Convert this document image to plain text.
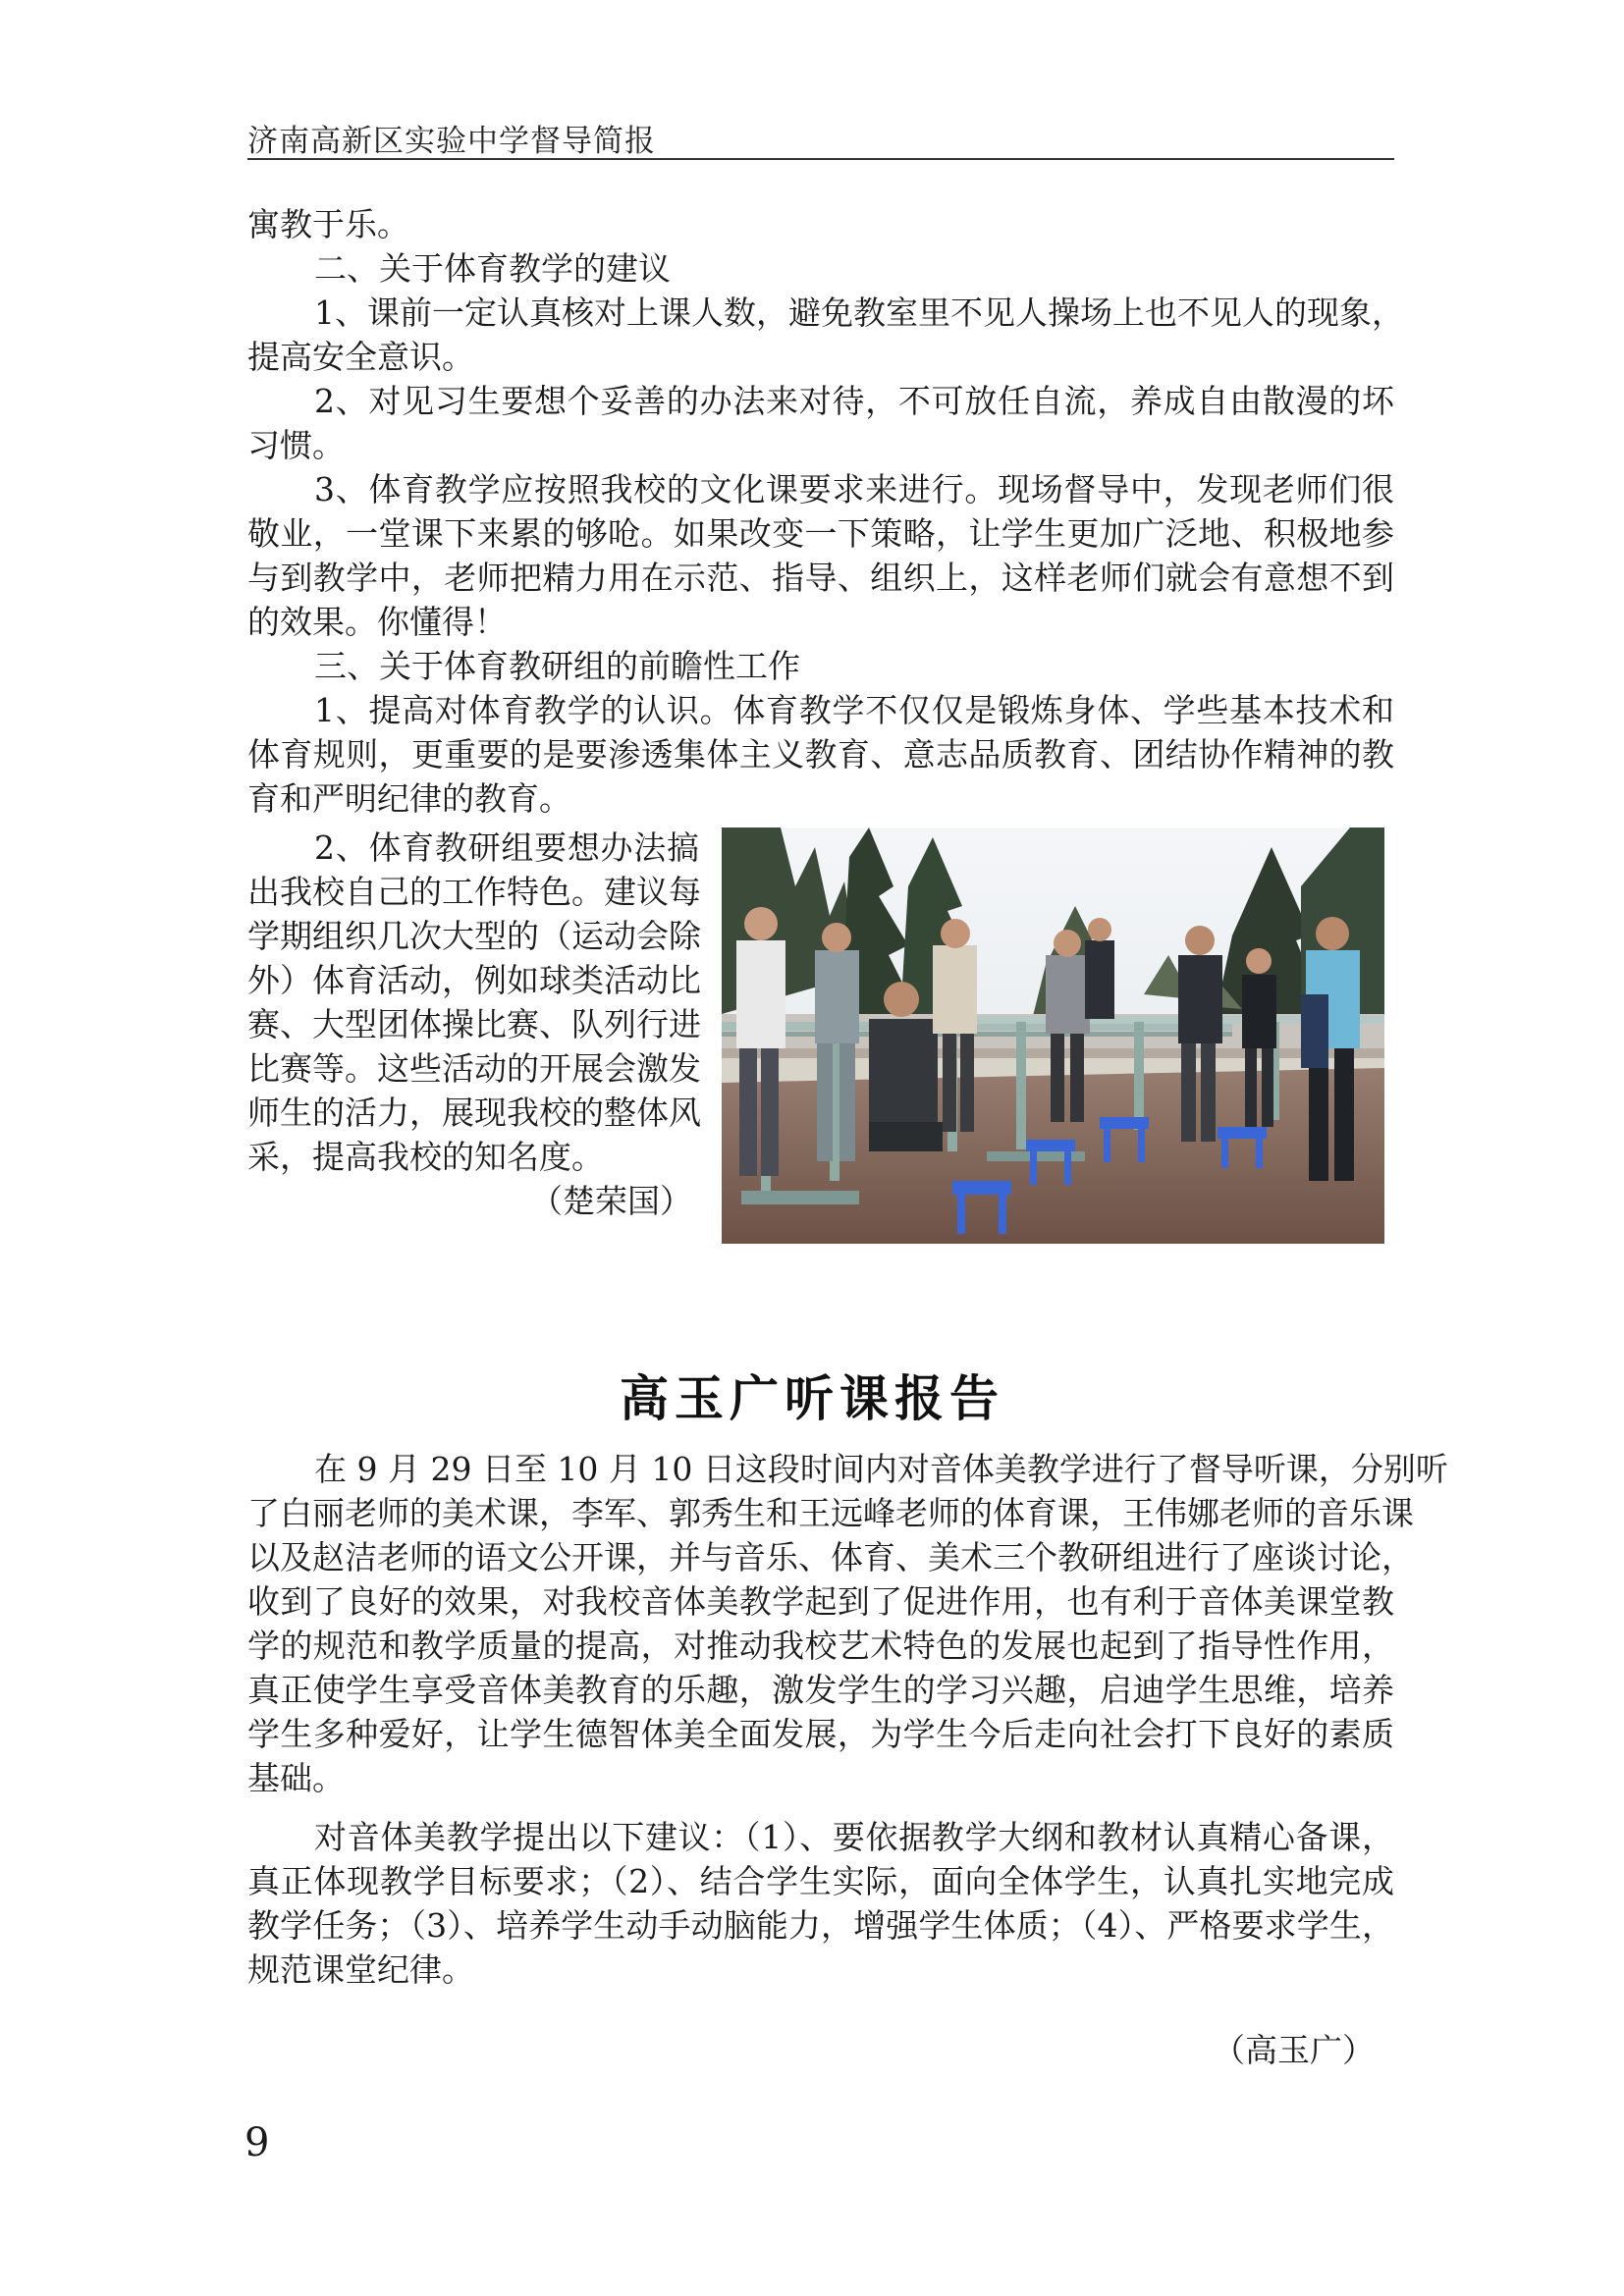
济南高新区实验中学督导简报
寓教于乐。
二、关于体育教学的建议
1、课前一定认真核对上课人数，避免教室里不见人操场上也不见人的现象，
提高安全意识。
2、对见习生要想个妥善的办法来对待，不可放任自流，养成自由散漫的坏
习惯。
3、体育教学应按照我校的文化课要求来进行。现场督导中，发现老师们很
敬业，一堂课下来累的够呛。如果改变一下策略，让学生更加广泛地、积极地参
与到教学中，老师把精力用在示范、指导、组织上，这样老师们就会有意想不到
的效果。你懂得！
三、关于体育教研组的前瞻性工作
1、提高对体育教学的认识。体育教学不仅仅是锻炼身体、学些基本技术和
体育规则，更重要的是要渗透集体主义教育、意志品质教育、团结协作精神的教
育和严明纪律的教育。
2、体育教研组要想办法搞
出我校自己的工作特色。建议每
学期组织几次大型的（运动会除
外）体育活动，例如球类活动比
赛、大型团体操比赛、队列行进
比赛等。这些活动的开展会激发
师生的活力，展现我校的整体风
采，提高我校的知名度。
（楚荣国）
高玉广听课报告
在 9 月 29 日至 10 月 10 日这段时间内对音体美教学进行了督导听课，分别听
了白丽老师的美术课，李军、郭秀生和王远峰老师的体育课，王伟娜老师的音乐课
以及赵洁老师的语文公开课，并与音乐、体育、美术三个教研组进行了座谈讨论，
收到了良好的效果，对我校音体美教学起到了促进作用，也有利于音体美课堂教
学的规范和教学质量的提高，对推动我校艺术特色的发展也起到了指导性作用，
真正使学生享受音体美教育的乐趣，激发学生的学习兴趣，启迪学生思维，培养
学生多种爱好，让学生德智体美全面发展，为学生今后走向社会打下良好的素质
基础。
对音体美教学提出以下建议：（1）、要依据教学大纲和教材认真精心备课，
真正体现教学目标要求；（2）、结合学生实际，面向全体学生，认真扎实地完成
教学任务；（3）、培养学生动手动脑能力，增强学生体质；（4）、严格要求学生，
规范课堂纪律。
（高玉广）
9
